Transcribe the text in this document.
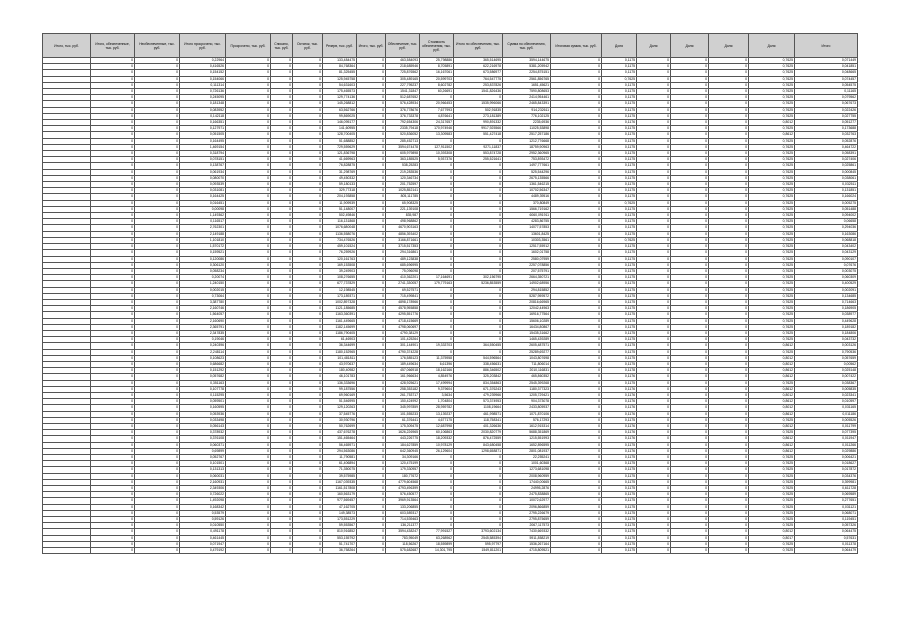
Итого, тыс. руб.	Итого, обеспеченные, тыс. руб.	Необеспеченные, тыс. руб.	Итого просрочено, тыс. руб.	Просрочено, тыс. руб.	Списано, тыс. руб.	Остаток, тыс. руб.	Резерв, тыс. руб.	Итого, тыс. руб.	Обеспечение, тыс. руб.	Стоимость обеспечения, тыс. руб.	Итого по обеспечению, тыс. руб.	Сумма по обеспечению, тыс. руб.	Итоговая сумма, тыс. руб.	Доля	Доля	Доля	Доля	Доля	Итого
	0	0	0,22964	0	0	0	133,484475	0	463,584093	25,798886	365,514695	3594,144675	0	0,1175	0	0	0	0,7625	0,071449
	0	0	0,416526	0	0	0	84,768364	0	218,685946	8,705891	622,216978	5381,205942	0	0,1175	0	0	0	0,7625	0,041851
	0	0	0,154152	0	0	0	81,325455	0	725,876562	16,167061	673,586977	2254,875151	0	0,1175	0	0	0	0,7625	0,048665
	0	0	0,154066	0	0	0	125,945758	0	305,489165	20,599703	764,547775	2561,856765	0	0,7625	0	0	0	0,7625	0,074457
	0	0	0,111314	0	0	0	54,631603	0	227,795237	8,602782	253,837826	1651,45621	0	0,1175	0	0	0	0,7625	0,054575
	0	0	0,726136	0	0	0	175,465573	0	1541,31847	60,26691	1541,826436	7590,808653	0	0,1175	0	0	0	0,7625	0,11165
	0	0	0,245095	0	0	0	129,774136	0	512,687652	0	0	2414,954461	0	0,1175	0	0	0	0,7625	0,079562
	0	0	0,181348	0	0	0	145,268812	0	576,428934	20,966453	1535,996066	2465,843391	0	0,1175	0	0	0	0,7625	0,067673
	0	0	0,083952	0	0	0	63,562766	0	376,778676	7,677993	502,91835	914,232611	0	0,1175	0	0	0	0,7625	0,022426
	0	0	0,142118	0	0	0	99,869025	0	376,733378	4,876641	273,181389	776,102125	0	0,1175	0	0	0	0,7625	0,027755
	0	0	0,166351	0	0	0	146,095177	0	792,654306	24,317657	990,891332	2235,6936	0	0,1176	0	0	0	0,8012	0,051277
	0	0	0,127971	0	0	0	141,60955	0	2335,79418	170,974946	9917,925566	11025,53898	0	0,1175	0	0	0	0,7625	0,173688
	0	0	0,051505	0	0	0	128,700405	0	520,836052	13,309583	551,427418	2517,257186	0	0,1175	0	0	0	0,8612	0,032763
	0	0	0,164495	0	0	0	51,688852	0	285,452713	0	0	1212,776668	0	0,1175	0	0	0	0,7625	0,052876
	0	0	1,469154	0	0	0	729,559629	0	3594,674478	127,911502	9271,11837	18759,90963	0	0,1175	0	0	0	0,7625	0,464722
	0	0	0,318794	0	0	0	121,836798	0	605,979898	10,393308	553,874728	2952,360965	0	0,1175	0	0	0	0,7625	0,058391
	0	0	0,078151	0	0	0	41,669963	0	363,185525	5,937376	255,521641	753,893472	0	0,1175	0	0	0	0,7625	0,027406
	0	0	0,138767	0	0	0	76,828875	0	538,25283	0	0	1497,777661	0	0,1175	0	0	0	0,7625	0,025861
	0	0	0,061934	0	0	0	31,298769	0	219,283536	0	0	525,544296	0	0,1175	0	0	0	0,7625	0,000845
	0	0	0,080070	0	0	0	49,450332	0	120,346734	0	0	2675,135566	0	0,1175	0	0	0	0,7625	0,038061
	0	0	0,093539	0	0	0	59,180133	0	201,752597	0	0	1361,546215	0	0,1175	0	0	0	0,7625	0,032511
	0	0	0,031081	0	0	0	329,77318	0	1025,852141	0	0	10702,56347	0	0,1175	0	0	0	0,7625	0,131851
	0	0	0,164425	0	0	0	204,193858	0	805,111785	0	0	4489,39516	0	0,1175	0	0	0	0,7625	0,166024
	0	0	0,016451	0	0	0	11,909939	0	65,908325	0	0	370,80849	0	0,7625	0	0	0	0,7625	0,005275
	0	0	0,00098	0	0	0	51,148007	0	221,139108	0	0	1566,719162	0	0,1175	0	0	0	0,7625	0,051488
	0	0	1,149362	0	0	0	502,49846	0	835,987	0	0	6060,091911	0	0,1175	0	0	0	0,7625	0,094002
	0	0	0,116517	0	0	0	116,131868	0	498,968862	0	0	4283,86755	0	0,1175	0	0	0	0,7625	0,06658
	0	0	2,762301	0	0	0	1076,680048	0	4670,903163	0	0	14077,57853	0	0,1175	0	0	0	0,7625	0,294036
	0	0	2,149188	0	0	0	1136,558076	0	4856,393402	0	0	13601,8425	0	0,1175	0	0	0	0,7625	0,163086
	0	0	1,101810	0	0	0	734,476526	0	3166,871661	0	0	10303,3561	0	0,7625	0	0	0	0,7625	0,068818
	0	0	1,570172	0	0	0	459,101524	0	3715,517353	0	0	12517,55912	0	0,1175	0	0	0	0,7625	0,043402
	0	0	0,159521	0	0	0	76,259926	0	294,316861	0	0	1602,01758	0	0,1175	0	0	0	0,7625	0,043129
	0	0	0,120086	0	0	0	120,161763	0	489,123838	0	0	2580,07959	0	0,1175	0	0	0	0,7625	0,090107
	0	0	0,306120	0	0	0	169,153508	0	685,696995	0	0	2257,078856	0	0,1175	0	0	0	0,7625	0,07676
	0	0	0,058234	0	0	0	39,249903	0	75,096098	0	0	207,575791	0	0,1175	0	0	0	0,7625	0,003075
	0	0	0,20074	0	0	0	108,276655	0	410,362201	17,164691	302,156795	2664,350721	0	0,1175	0	0	0	0,7625	0,060309
	0	0	1,240150	0	0	0	677,737829	0	2741,330057	179,779163	5236,853559	14902,68956	0	0,1175	0	0	0	0,7625	0,400529
	0	0	0,002015	0	0	0	12,198545	0	69,527571	0	0	294,815852	0	0,1175	0	0	0	0,7625	0,002091
	0	0	0,73064	0	0	0	173,189371	0	715,499841	0	0	5287,959572	0	0,1175	0	0	0	0,7625	0,134685
	0	0	3,387780	0	0	0	1002,897328	0	4898,178966	0	0	20816,66965	0	0,1175	0	0	0	0,7625	0,714663
	0	0	2,160746	0	0	0	1121,185685	0	4578,955858	0	0	12042,44963	0	0,1175	0	0	0	0,7625	0,186905
	0	0	1,564057	0	0	0	1163,360391	0	4295,551776	0	0	16916,77564	0	0,1175	0	0	0	0,7625	0,038977
	0	0	2,160690	0	0	0	1161,449665	0	4718,415669	0	0	15606,10289	0	0,1175	0	0	0	0,7625	0,449628
	0	0	2,365791	0	0	0	1182,145699	0	4798,060697	0	0	16434,80867	0	0,1175	0	0	0	0,7625	0,189182
	0	0	2,347835	0	0	0	1186,790405	0	4790,38129	0	0	15435,31662	0	0,1175	0	0	0	0,7625	0,184806
	0	0	0,19046	0	0	0	61,46903	0	101,425264	0	0	1465,439289	0	0,1175	0	0	0	0,7625	0,043732
	0	0	0,240396	0	0	0	36,344699	0	301,144901	19,333703	364,550455	2605,487571	0	0,1175	0	0	0	0,8612	0,003126
	0	0	2,248114	0	0	0	1180,152965	0	4790,374228	0	0	25289,69277	0	0,1175	0	0	0	0,7625	0,790536
	0	0	0,108623	0	0	0	101,481811	0	176,585123	11,375958	544,596564	1043,807698	0	0,1175	0	0	0	0,8012	0,057659
	0	0	0,686682	0	0	0	43,970637	0	189,449634	6,61396	338,456631	711,806014	0	0,1175	0	0	0	0,8012	0,00562
	0	0	0,151292	0	0	0	180,40982	0	457,066918	18,162166	886,346502	2010,116831	0	0,1178	0	0	0	0,8612	0,025148
	0	0	0,057682	0	0	0	46,101783	0	161,966634	4,854976	325,203842	465,860352	0	0,1176	0	0	0	0,8612	0,007422
	0	0	0,351163	0	0	0	136,333696	0	428,925621	17,499994	834,354863	2545,399268	0	0,1175	0	0	0	0,7625	0,038367
	0	0	0,107778	0	0	0	99,187556	0	258,353182	9,379604	671,376243	1180,377323	0	0,1176	0	0	0	0,8612	0,005835
	0	0	0,115295	0	0	0	69,960169	0	261,753717	3,5634	479,239966	1205,729421	0	0,1176	0	0	0	0,8012	0,023341
	0	0	0,059501	0	0	0	51,546995	0	150,424992	1,704804	573,374953	904,373078	0	0,1176	0	0	0	0,8612	0,010597
	0	0	0,160595	0	0	0	129,120263	0	345,997859	28,959782	1108,19664	2433,805937	0	0,1176	0	0	0	0,8012	0,031165
	0	0	0,053936	0	0	0	37,545776	0	101,555233	13,139237	461,998571	1071,870106	0	0,1176	0	0	0	0,8612	0,011186
	0	0	0,033498	0	0	0	30,930796	0	61,376441	4,677175	118,758341	576,17293	0	0,1175	0	0	0	0,7625	0,005526
	0	0	0,056143	0	0	0	50,762699	0	175,309475	12,687998	401,326636	1612,915314	0	0,1176	0	0	0	0,8012	0,011799
	0	0	0,378932	0	0	0	437,676278	0	1626,226965	60,106863	2030,820779	5688,351869	0	0,1176	0	0	0	0,7625	0,077395
	0	0	0,376108	0	0	0	151,465464	0	443,226775	18,209332	876,472559	1215,551993	0	0,1176	0	0	0	0,8612	0,011947
	0	0	0,060371	0	0	0	56,465971	0	184,627859	10,978129	843,680458	1652,896595	0	0,1175	0	0	0	0,8612	0,011266
	0	0	0,69899	0	0	0	294,563086	0	642,360945	26,129604	1298,658871	2801,081937	0	0,1176	0	0	0	0,8612	0,029886
	0	0	0,052767	0	0	0	11,790581	0	34,309166	0	0	22,255241	0	0,1175	0	0	0	0,7625	0,006421
	0	0	0,101501	0	0	0	61,406894	0	120,475199	0	0	1001,60368	0	0,1175	0	0	0	0,7625	0,018627
	0	0	0,131313	0	0	0	71,350075	0	179,330957	0	0	1273,681098	0	0,1175	0	0	0	0,7625	0,017872
	0	0	0,060031	0	0	0	39,575985	0	180,77672	0	0	2008,960959	0	0,1175	0	0	0	0,7625	0,034376
	0	0	2,160931	0	0	0	1167,039335	0	4779,604568	0	0	17440,00665	0	0,1175	0	0	0	0,7625	0,399981
	0	0	2,349306	0	0	0	1161,517808	0	4793,496399	0	0	24995,2876	0	0,1175	0	0	0	0,7625	0,611728
	0	0	0,726022	0	0	0	160,563179	0	576,450577	0	0	2475,838865	0	0,1175	0	0	0	0,7625	0,069589
	0	0	1,492098	0	0	0	977,569457	0	3969,913564	0	0	10072,62977	0	0,1175	0	0	0	0,7625	0,277651
	0	0	0,168342	0	0	0	47,162705	0	133,206855	0	0	2096,866859	0	0,1175	0	0	0	0,7625	0,031121
	0	0	0,53579	0	0	0	149,38573	0	603,589317	0	0	2795,226679	0	0,1175	0	0	0	0,7625	0,068071
	0	0	0,59126	0	0	0	173,551229	0	714,539463	0	0	2795,875659	0	0,1175	0	0	0	0,7625	0,119451
	0	0	0,010550	0	0	0	59,553567	0	136,211377	0	0	2067,117573	0	0,1175	0	0	0	0,7625	0,057326
	0	0	0,491178	0	0	0	810,916852	0	3594,438247	77,991527	3793,602134	7430,669332	0	0,1175	0	0	0	0,8012	0,064475
	0	0	0,461445	0	0	0	553,155792	0	783,95049	63,268962	2545,585394	5911,858219	0	0,1175	0	0	0	0,8017	0,57631
	0	0	0,071947	0	0	0	51,741707	0	118,56267	18,559899	595,97797	1536,267164	0	0,1175	0	0	0	0,7625	0,011378
	0	0	0,479192	0	0	0	36,758264	0	575,682687	14,301,795	1549,811201	4715,809521	0	0,1175	0	0	0	0,7625	0,064479
